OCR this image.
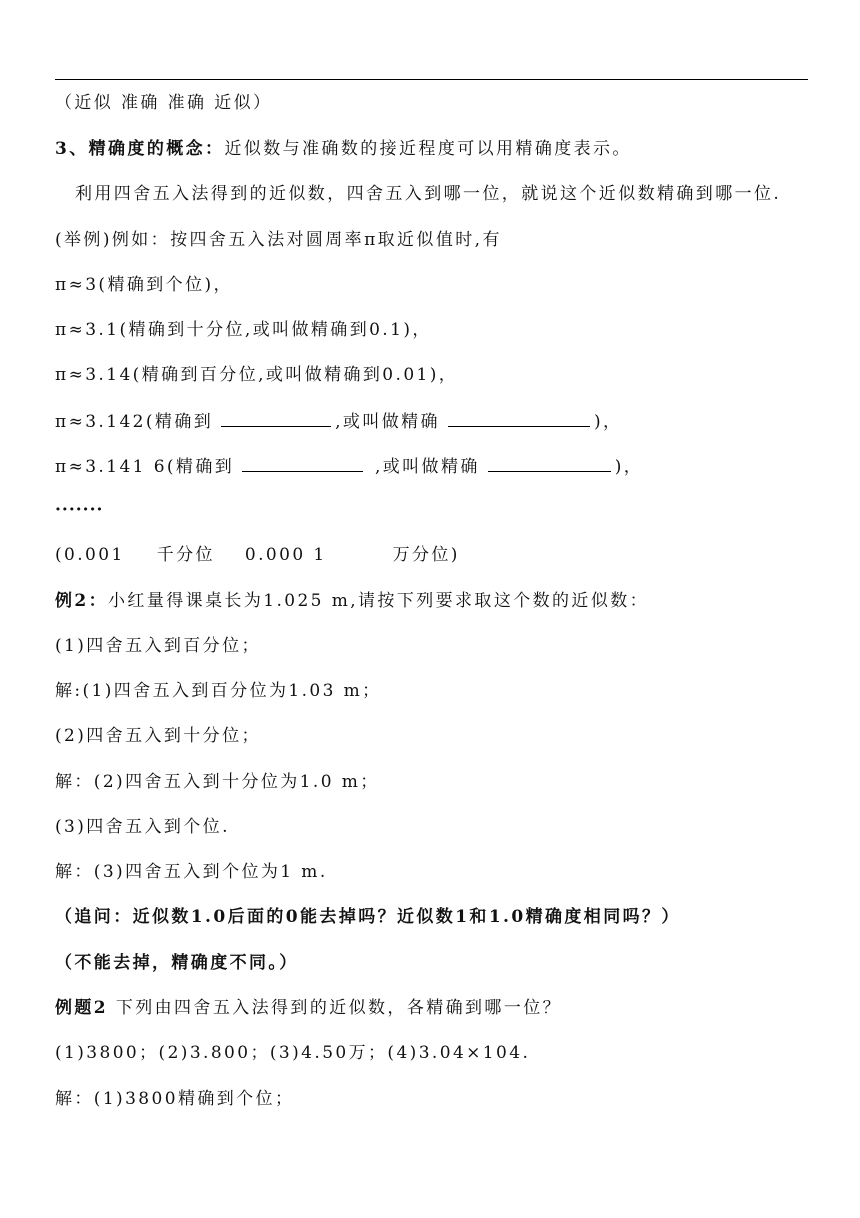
（近似 准确 准确 近似）
3、精确度的概念：近似数与准确数的接近程度可以用精确度表示。
利用四舍五入法得到的近似数，四舍五入到哪一位，就说这个近似数精确到哪一位.
(举例)例如：按四舍五入法对圆周率π取近似值时,有
π≈3(精确到个位)，
π≈3.1(精确到十分位,或叫做精确到0.1)，
π≈3.14(精确到百分位,或叫做精确到0.01)，
π≈3.142(精确到	,或叫做精确	)，
π≈3.141 6(精确到	,或叫做精确	)，
·······
(0.001 千分位 0.000 1	万分位)
例2：小红量得课桌长为1.025 m,请按下列要求取这个数的近似数：
(1)四舍五入到百分位；
解:(1)四舍五入到百分位为1.03 m；
(2)四舍五入到十分位；
解：(2)四舍五入到十分位为1.0 m；
(3)四舍五入到个位.
解：(3)四舍五入到个位为1 m.
（追问：近似数1.0后面的0能去掉吗？近似数1和1.0精确度相同吗？）
（不能去掉，精确度不同。）
例题2 下列由四舍五入法得到的近似数，各精确到哪一位？
(1)3800；(2)3.800；(3)4.50万；(4)3.04×104.
解：(1)3800精确到个位；
